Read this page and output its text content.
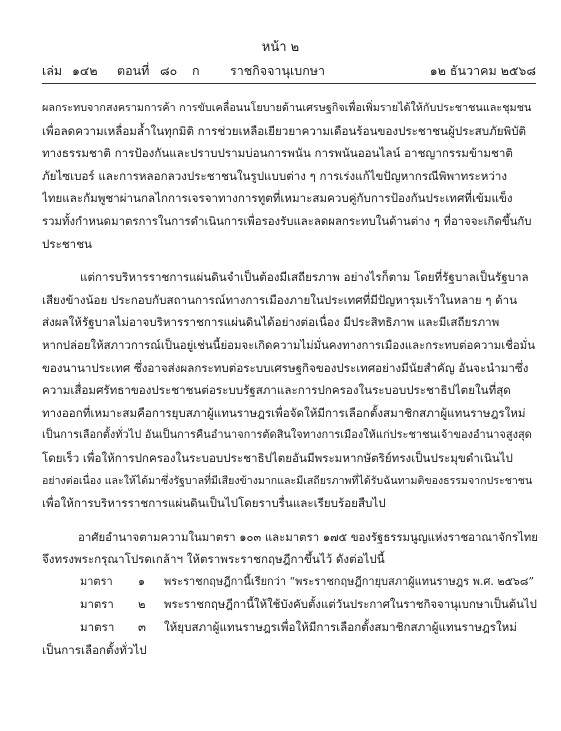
หน้า ๒
เล่ม ๑๔๒ ตอนที่ ๘๐ ก ราชกิจจานุเบกษา	๑๒ ธันวาคม ๒๕๖๘
ผลกระทบจากสงครามการค้า การขับเคลื่อนนโยบายด้านเศรษฐกิจเพื่อเพิ่มรายได้ให้กับประชาชนและชุมชน
เพื่อลดความเหลื่อมล้ำในทุกมิติ การช่วยเหลือเยียวยาความเดือนร้อนของประชาชนผู้ประสบภัยพิบัติ
ทางธรรมชาติ การป้องกันและปราบปรามบ่อนการพนัน การพนันออนไลน์ อาชญากรรมข้ามชาติ
ภัยไซเบอร์ และการหลอกลวงประชาชนในรูปแบบต่าง ๆ การเร่งแก้ไขปัญหากรณีพิพาทระหว่าง
ไทยและกัมพูชาผ่านกลไกการเจรจาทางการทูตที่เหมาะสมควบคู่กับการป้องกันประเทศที่เข้มแข็ง
รวมทั้งกำหนดมาตรการในการดำเนินการเพื่อรองรับและลดผลกระทบในด้านต่าง ๆ ที่อาจจะเกิดขึ้นกับ
ประชาชน
แต่การบริหารราชการแผ่นดินจำเป็นต้องมีเสถียรภาพ อย่างไรก็ตาม โดยที่รัฐบาลเป็นรัฐบาล
เสียงข้างน้อย ประกอบกับสถานการณ์ทางการเมืองภายในประเทศที่มีปัญหารุมเร้าในหลาย ๆ ด้าน
ส่งผลให้รัฐบาลไม่อาจบริหารราชการแผ่นดินได้อย่างต่อเนื่อง มีประสิทธิภาพ และมีเสถียรภาพ
หากปล่อยให้สภาวการณ์เป็นอยู่เช่นนี้ย่อมจะเกิดความไม่มั่นคงทางการเมืองและกระทบต่อความเชื่อมั่น
ของนานาประเทศ ซึ่งอาจส่งผลกระทบต่อระบบเศรษฐกิจของประเทศอย่างมีนัยสำคัญ อันจะนำมาซึ่ง
ความเสื่อมศรัทธาของประชาชนต่อระบบรัฐสภาและการปกครองในระบอบประชาธิปไตยในที่สุด
ทางออกที่เหมาะสมคือการยุบสภาผู้แทนราษฎรเพื่อจัดให้มีการเลือกตั้งสมาชิกสภาผู้แทนราษฎรใหม่
เป็นการเลือกตั้งทั่วไป อันเป็นการคืนอำนาจการตัดสินใจทางการเมืองให้แก่ประชาชนเจ้าของอำนาจสูงสุด
โดยเร็ว เพื่อให้การปกครองในระบอบประชาธิปไตยอันมีพระมหากษัตริย์ทรงเป็นประมุขดำเนินไป
อย่างต่อเนื่อง และให้ได้มาซึ่งรัฐบาลที่มีเสียงข้างมากและมีเสถียรภาพที่ได้รับฉันทามติของธรรมจากประชาชน
เพื่อให้การบริหารราชการแผ่นดินเป็นไปโดยราบรื่นและเรียบร้อยสืบไป
อาศัยอำนาจตามความในมาตรา ๑๐๓ และมาตรา ๑๗๕ ของรัฐธรรมนูญแห่งราชอาณาจักรไทย
จึงทรงพระกรุณาโปรดเกล้าฯ ให้ตราพระราชกฤษฎีกาขึ้นไว้ ดังต่อไปนี้
มาตรา ๑ พระราชกฤษฎีกานี้เรียกว่า “พระราชกฤษฎีกายุบสภาผู้แทนราษฎร พ.ศ. ๒๕๖๘”
มาตรา ๒ พระราชกฤษฎีกานี้ให้ใช้บังคับตั้งแต่วันประกาศในราชกิจจานุเบกษาเป็นต้นไป
มาตรา ๓ ให้ยุบสภาผู้แทนราษฎรเพื่อให้มีการเลือกตั้งสมาชิกสภาผู้แทนราษฎรใหม่
เป็นการเลือกตั้งทั่วไป
